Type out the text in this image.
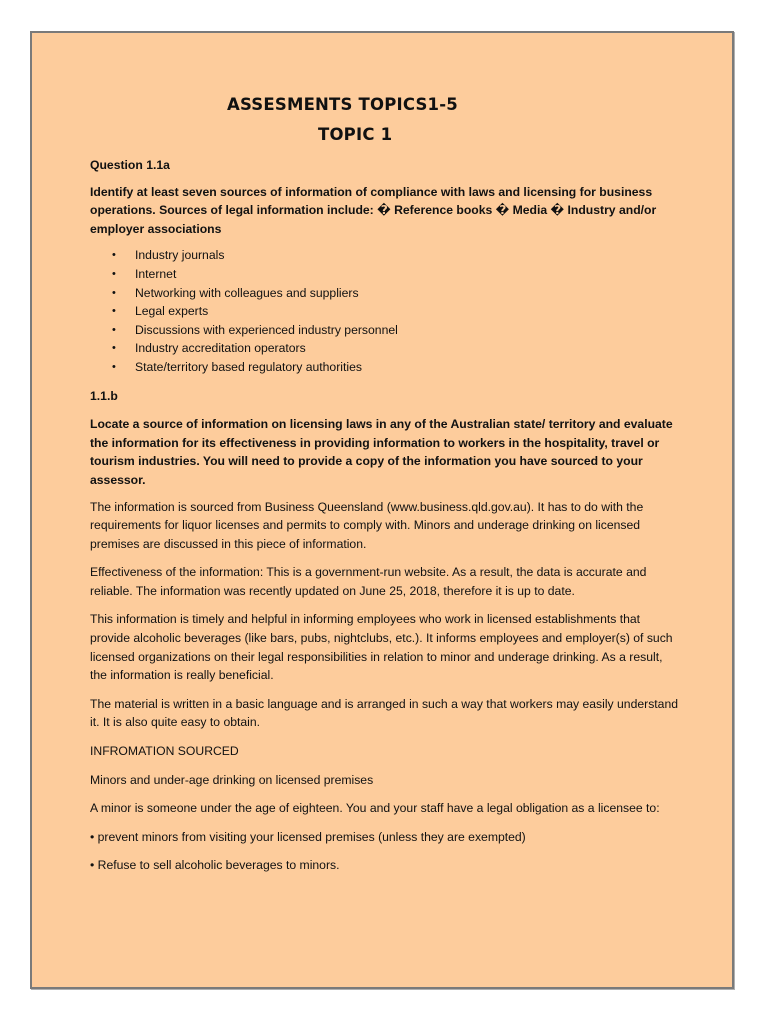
ASSESMENTS TOPICS1-5
TOPIC 1

Question 1.1a

Identify at least seven sources of information of compliance with laws and licensing for business operations. Sources of legal information include: � Reference books � Media � Industry and/or employer associations

• Industry journals
• Internet
• Networking with colleagues and suppliers
• Legal experts
• Discussions with experienced industry personnel
• Industry accreditation operators
• State/territory based regulatory authorities

1.1.b

Locate a source of information on licensing laws in any of the Australian state/ territory and evaluate the information for its effectiveness in providing information to workers in the hospitality, travel or tourism industries. You will need to provide a copy of the information you have sourced to your assessor.

The information is sourced from Business Queensland (www.business.qld.gov.au). It has to do with the requirements for liquor licenses and permits to comply with. Minors and underage drinking on licensed premises are discussed in this piece of information.

Effectiveness of the information: This is a government-run website. As a result, the data is accurate and reliable. The information was recently updated on June 25, 2018, therefore it is up to date.

This information is timely and helpful in informing employees who work in licensed establishments that provide alcoholic beverages (like bars, pubs, nightclubs, etc.). It informs employees and employer(s) of such licensed organizations on their legal responsibilities in relation to minor and underage drinking. As a result, the information is really beneficial.

The material is written in a basic language and is arranged in such a way that workers may easily understand it. It is also quite easy to obtain.

INFROMATION SOURCED

Minors and under-age drinking on licensed premises

A minor is someone under the age of eighteen. You and your staff have a legal obligation as a licensee to:

• prevent minors from visiting your licensed premises (unless they are exempted)

• Refuse to sell alcoholic beverages to minors.
